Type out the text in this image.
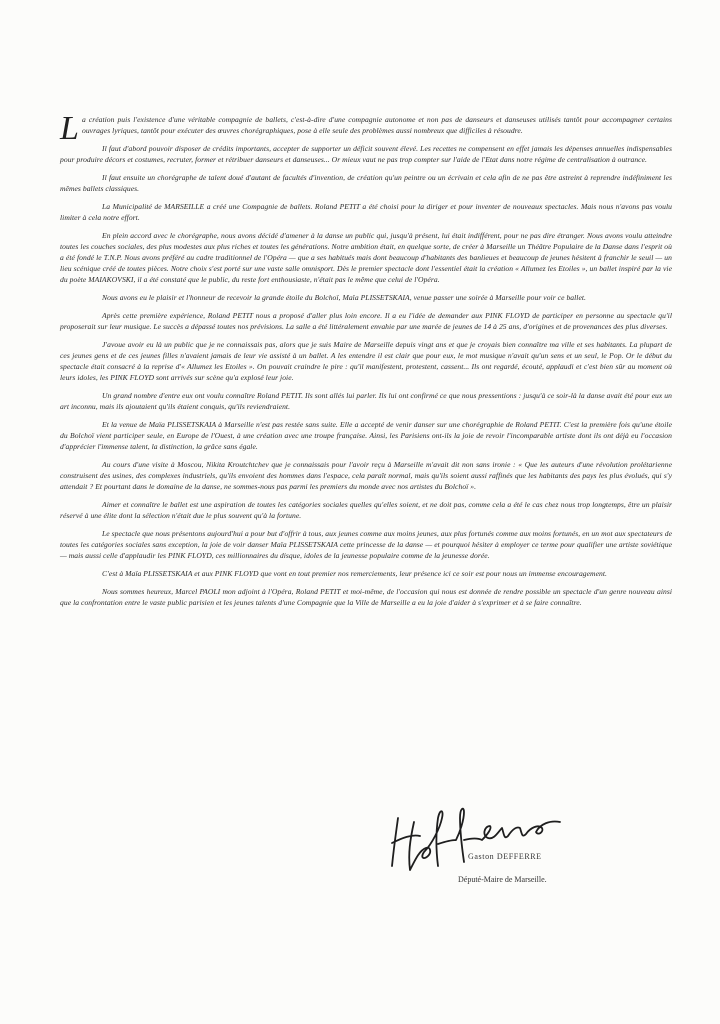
La création puis l'existence d'une véritable compagnie de ballets, c'est-à-dire d'une compagnie autonome et non pas de danseurs et danseuses utilisés tantôt pour accompagner certains ouvrages lyriques, tantôt pour exécuter des œuvres chorégraphiques, pose à elle seule des problèmes aussi nombreux que difficiles à résoudre.

Il faut d'abord pouvoir disposer de crédits importants, accepter de supporter un déficit souvent élevé. Les recettes ne compensent en effet jamais les dépenses annuelles indispensables pour produire décors et costumes, recruter, former et rétribuer danseurs et danseuses... Or mieux vaut ne pas trop compter sur l'aide de l'Etat dans notre régime de centralisation à outrance.

Il faut ensuite un chorégraphe de talent doué d'autant de facultés d'invention, de création qu'un peintre ou un écrivain et cela afin de ne pas être astreint à reprendre indéfiniment les mêmes ballets classiques.

La Municipalité de MARSEILLE a créé une Compagnie de ballets. Roland PETIT a été choisi pour la diriger et pour inventer de nouveaux spectacles. Mais nous n'avons pas voulu limiter à cela notre effort.

En plein accord avec le chorégraphe, nous avons décidé d'amener à la danse un public qui, jusqu'à présent, lui était indifférent, pour ne pas dire étranger. Nous avons voulu atteindre toutes les couches sociales, des plus modestes aux plus riches et toutes les générations. Notre ambition était, en quelque sorte, de créer à Marseille un Théâtre Populaire de la Danse dans l'esprit où a été fondé le T.N.P. Nous avons préféré au cadre traditionnel de l'Opéra — que a ses habitués mais dont beaucoup d'habitants des banlieues et beaucoup de jeunes hésitent à franchir le seuil — un lieu scénique créé de toutes pièces. Notre choix s'est porté sur une vaste salle omnisport. Dès le premier spectacle dont l'essentiel était la création « Allumez les Etoiles », un ballet inspiré par la vie du poète MAIAKOVSKI, il a été constaté que le public, du reste fort enthousiaste, n'était pas le même que celui de l'Opéra.

Nous avons eu le plaisir et l'honneur de recevoir la grande étoile du Bolchoï, Maïa PLISSETSKAIA, venue passer une soirée à Marseille pour voir ce ballet.

Après cette première expérience, Roland PETIT nous a proposé d'aller plus loin encore. Il a eu l'idée de demander aux PINK FLOYD de participer en personne au spectacle qu'il proposerait sur leur musique. Le succès a dépassé toutes nos prévisions. La salle a été littéralement envahie par une marée de jeunes de 14 à 25 ans, d'origines et de provenances des plus diverses.

J'avoue avoir eu là un public que je ne connaissais pas, alors que je suis Maire de Marseille depuis vingt ans et que je croyais bien connaître ma ville et ses habitants. La plupart de ces jeunes gens et de ces jeunes filles n'avaient jamais de leur vie assisté à un ballet. A les entendre il est clair que pour eux, le mot musique n'avait qu'un sens et un seul, le Pop. Or le début du spectacle était consacré à la reprise d'« Allumez les Etoiles ». On pouvait craindre le pire : qu'il manifestent, protestent, cassent... Ils ont regardé, écouté, applaudi et c'est bien sûr au moment où leurs idoles, les PINK FLOYD sont arrivés sur scène qu'a explosé leur joie.

Un grand nombre d'entre eux ont voulu connaître Roland PETIT. Ils sont allés lui parler. Ils lui ont confirmé ce que nous pressentions : jusqu'à ce soir-là la danse avait été pour eux un art inconnu, mais ils ajoutaient qu'ils étaient conquis, qu'ils reviendraient.

Et la venue de Maïa PLISSETSKAIA à Marseille n'est pas restée sans suite. Elle a accepté de venir danser sur une chorégraphie de Roland PETIT. C'est la première fois qu'une étoile du Bolchoï vient participer seule, en Europe de l'Ouest, à une création avec une troupe française. Ainsi, les Parisiens ont-ils la joie de revoir l'incomparable artiste dont ils ont déjà eu l'occasion d'apprécier l'immense talent, la distinction, la grâce sans égale.

Au cours d'une visite à Moscou, Nikita Kroutchtchev que je connaissais pour l'avoir reçu à Marseille m'avait dit non sans ironie : « Que les auteurs d'une révolution prolétarienne construisent des usines, des complexes industriels, qu'ils envoient des hommes dans l'espace, cela paraît normal, mais qu'ils soient aussi raffinés que les habitants des pays les plus évolués, qui s'y attendait ? Et pourtant dans le domaine de la danse, ne sommes-nous pas parmi les premiers du monde avec nos artistes du Bolchoï ».

Aimer et connaître le ballet est une aspiration de toutes les catégories sociales quelles qu'elles soient, et ne doit pas, comme cela a été le cas chez nous trop longtemps, être un plaisir réservé à une élite dont la sélection n'était due le plus souvent qu'à la fortune.

Le spectacle que nous présentons aujourd'hui a pour but d'offrir à tous, aux jeunes comme aux moins jeunes, aux plus fortunés comme aux moins fortunés, en un mot aux spectateurs de toutes les catégories sociales sans exception, la joie de voir danser Maïa PLISSETSKAIA cette princesse de la danse — et pourquoi hésiter à employer ce terme pour qualifier une artiste soviétique — mais aussi celle d'applaudir les PINK FLOYD, ces millionnaires du disque, idoles de la jeunesse populaire comme de la jeunesse dorée.

C'est à Maïa PLISSETSKAIA et aux PINK FLOYD que vont en tout premier nos remerciements, leur présence ici ce soir est pour nous un immense encouragement.

Nous sommes heureux, Marcel PAOLI mon adjoint à l'Opéra, Roland PETIT et moi-même, de l'occasion qui nous est donnée de rendre possible un spectacle d'un genre nouveau ainsi que la confrontation entre le vaste public parisien et les jeunes talents d'une Compagnie que la Ville de Marseille a eu la joie d'aider à s'exprimer et à se faire connaître.

Gaston DEFFERRE
Député-Maire de Marseille.
